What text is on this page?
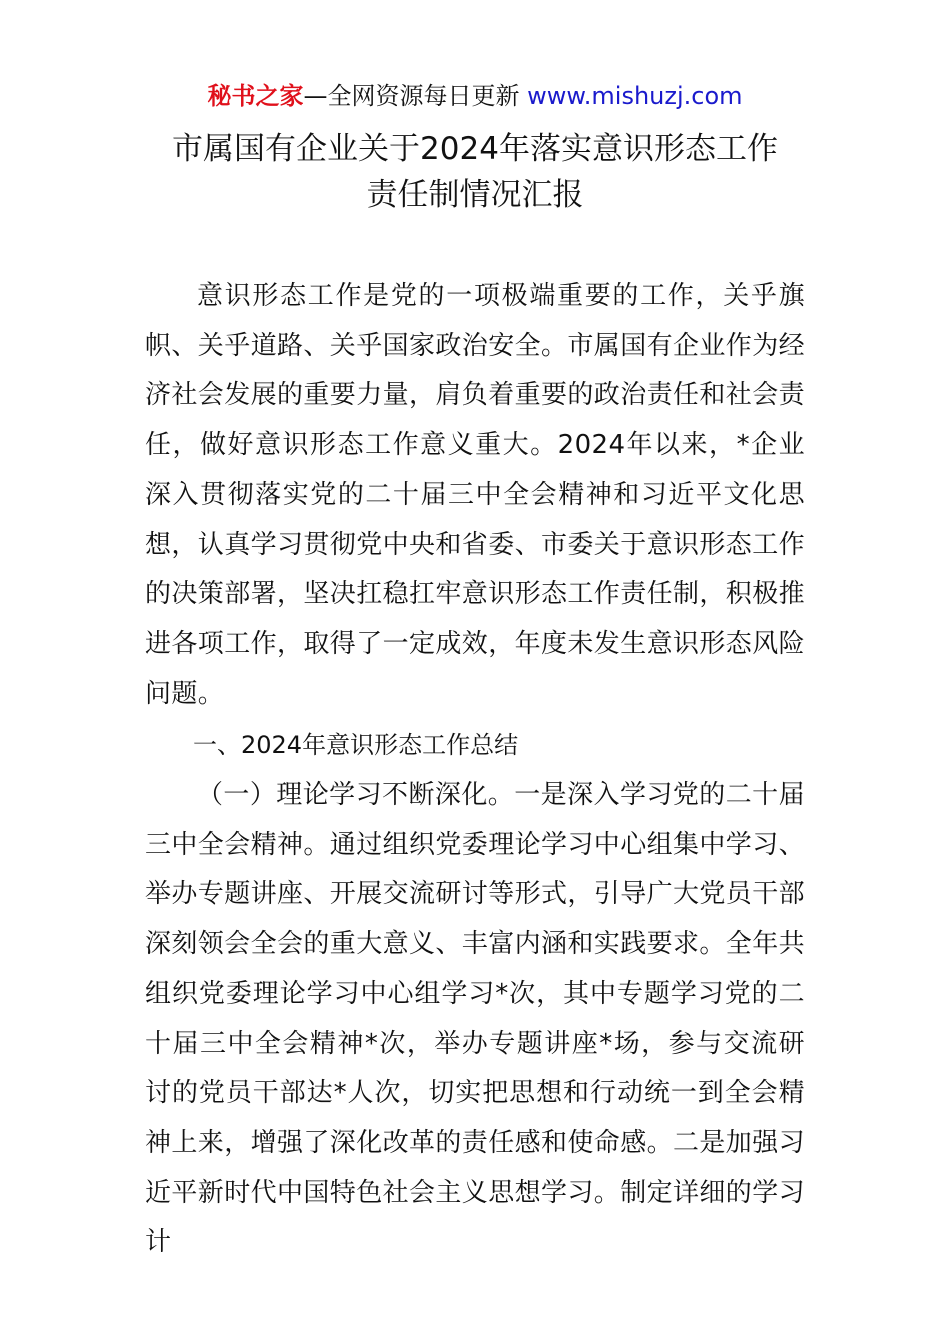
秘书之家—全网资源每日更新 www.mishuzj.com
市属国有企业关于2024年落实意识形态工作
责任制情况汇报

意识形态工作是党的一项极端重要的工作，关乎旗帜、关乎道路、关乎国家政治安全。市属国有企业作为经济社会发展的重要力量，肩负着重要的政治责任和社会责任，做好意识形态工作意义重大。2024年以来，*企业深入贯彻落实党的二十届三中全会精神和习近平文化思想，认真学习贯彻党中央和省委、市委关于意识形态工作的决策部署，坚决扛稳扛牢意识形态工作责任制，积极推进各项工作，取得了一定成效，年度未发生意识形态风险问题。

一、2024年意识形态工作总结

（一）理论学习不断深化。一是深入学习党的二十届三中全会精神。通过组织党委理论学习中心组集中学习、举办专题讲座、开展交流研讨等形式，引导广大党员干部深刻领会全会的重大意义、丰富内涵和实践要求。全年共组织党委理论学习中心组学习*次，其中专题学习党的二十届三中全会精神*次，举办专题讲座*场，参与交流研讨的党员干部达*人次，切实把思想和行动统一到全会精神上来，增强了深化改革的责任感和使命感。二是加强习近平新时代中国特色社会主义思想学习。制定详细的学习计
